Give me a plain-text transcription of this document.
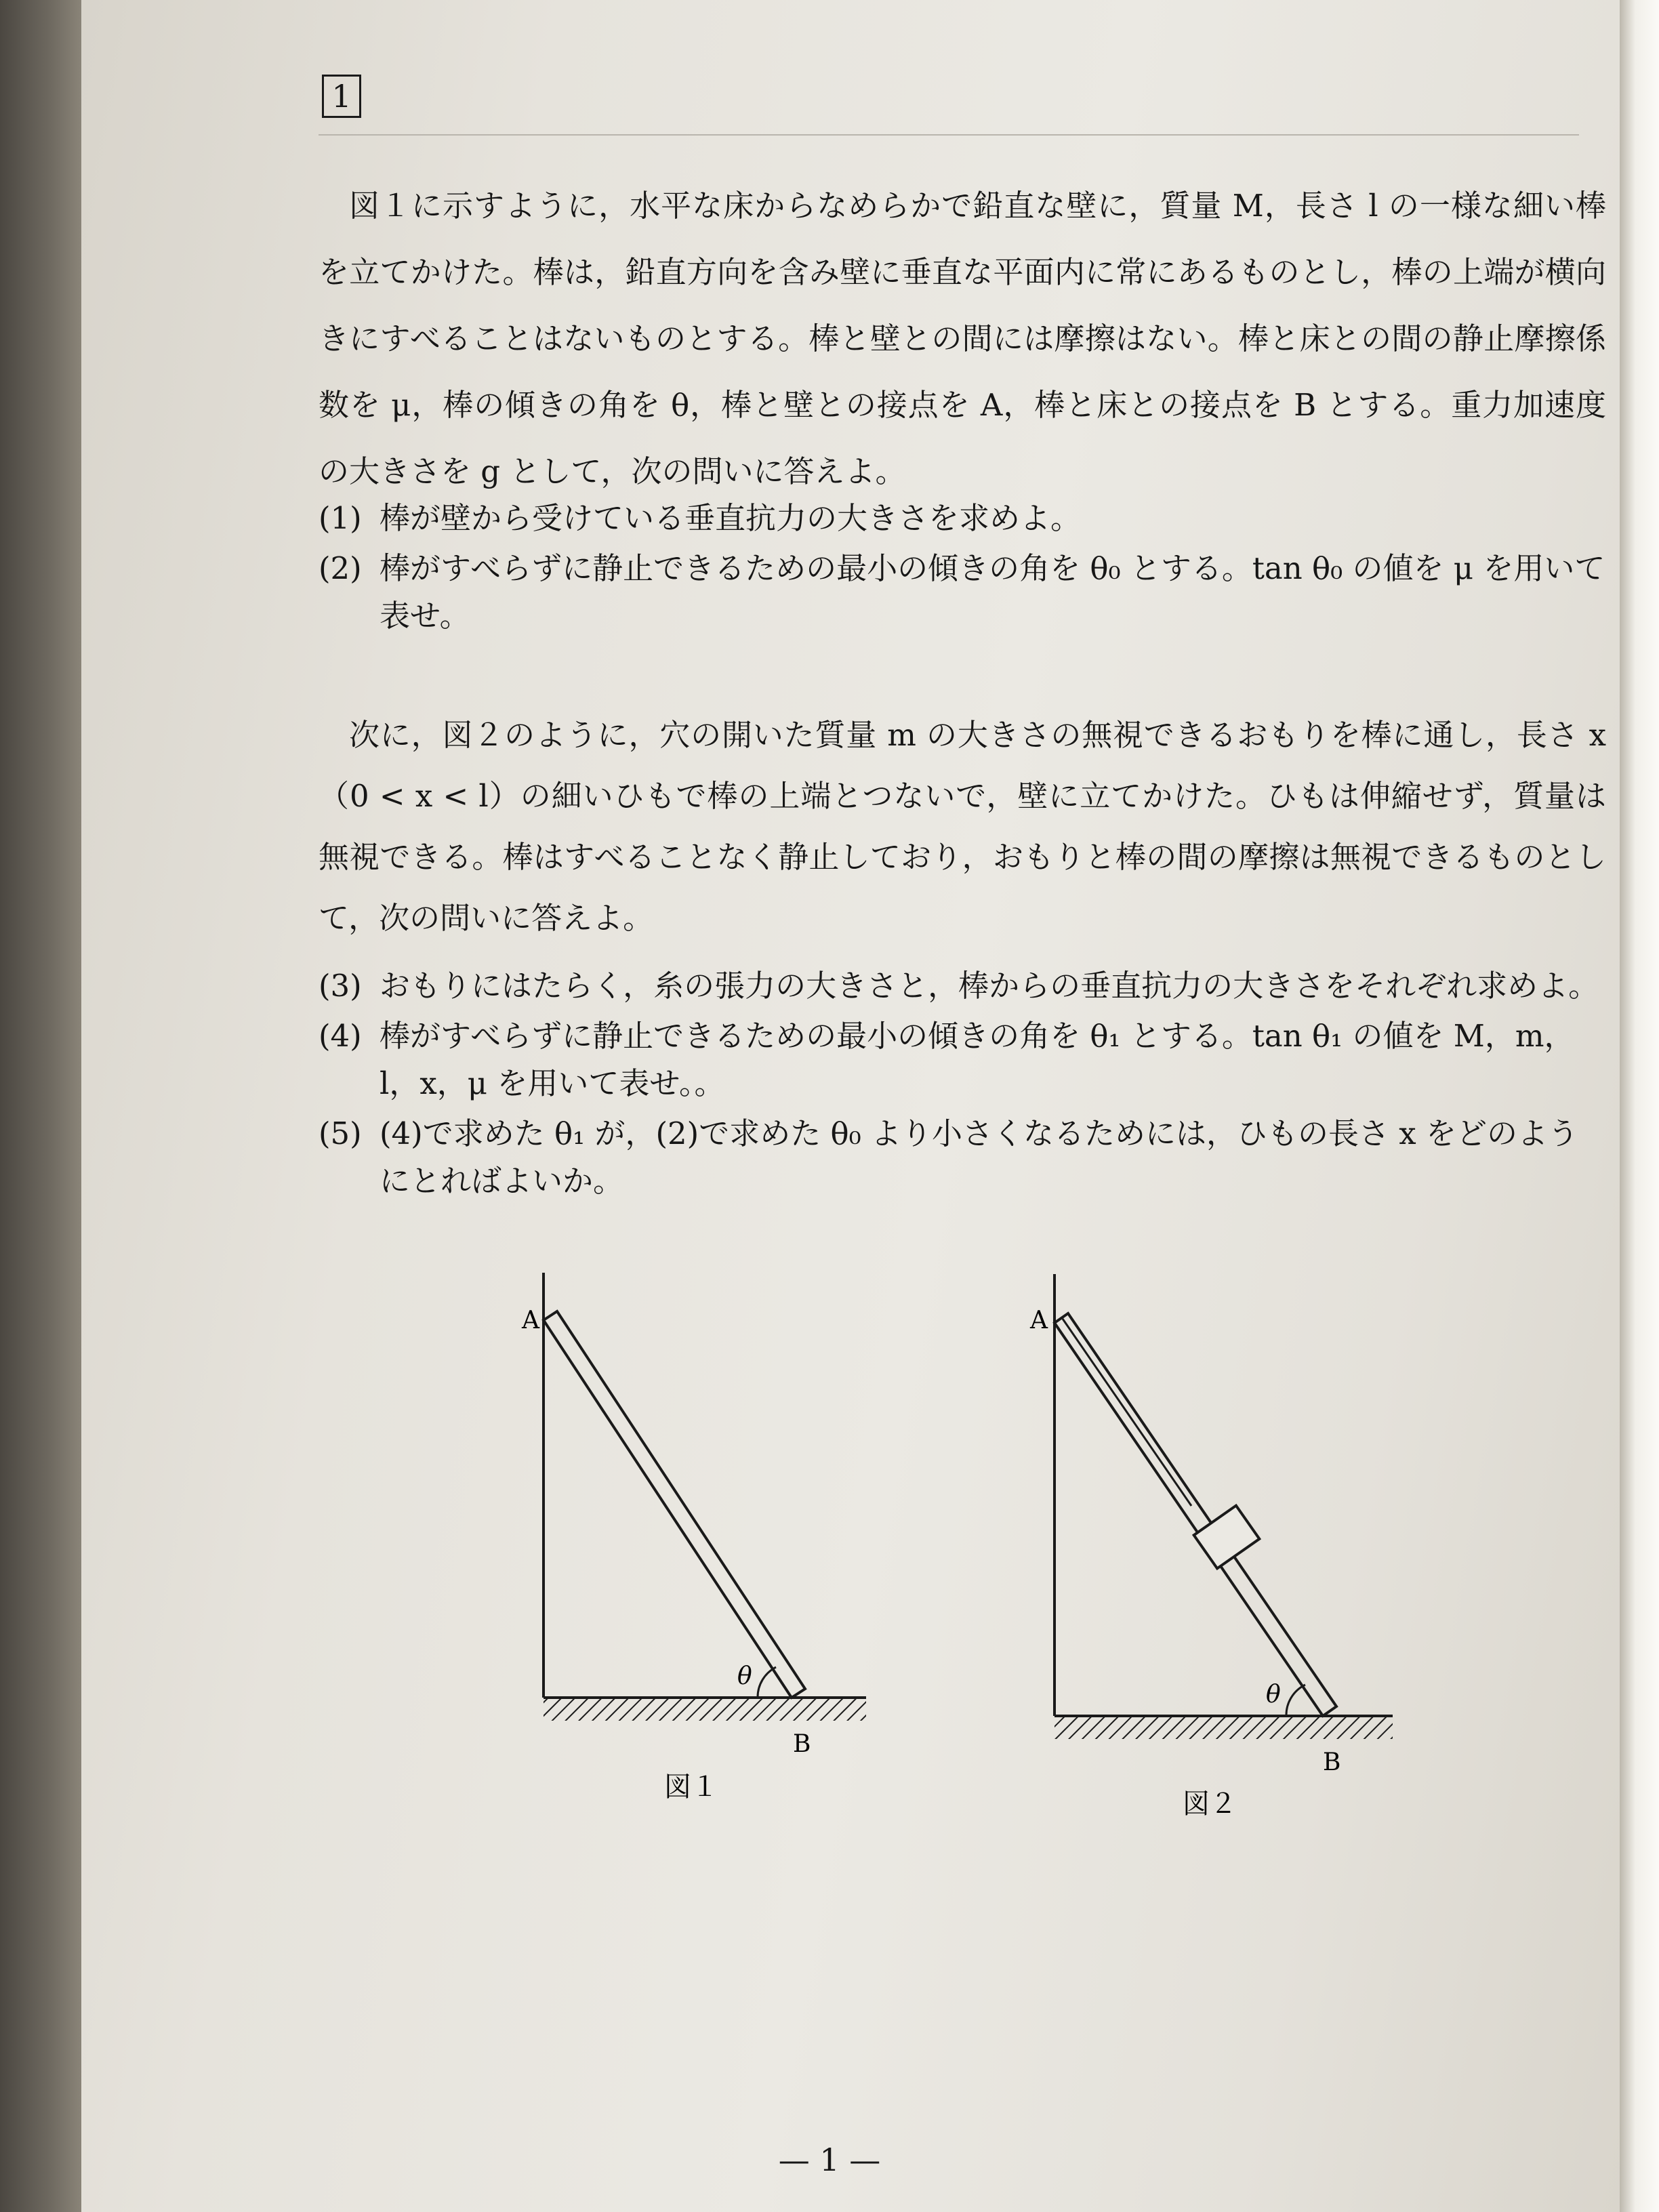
1

図１に示すように，水平な床からなめらかで鉛直な壁に，質量 M，長さ l の一様な細い棒を立てかけた。棒は，鉛直方向を含み壁に垂直な平面内に常にあるものとし，棒の上端が横向きにすべることはないものとする。棒と壁との間には摩擦はない。棒と床との間の静止摩擦係数を μ，棒の傾きの角を θ，棒と壁との接点を A，棒と床との接点を B とする。重力加速度の大きさを g として，次の問いに答えよ。

(1) 棒が壁から受けている垂直抗力の大きさを求めよ。
(2) 棒がすべらずに静止できるための最小の傾きの角を θ₀ とする。tan θ₀ の値を μ を用いて表せ。

次に，図２のように，穴の開いた質量 m の大きさの無視できるおもりを棒に通し，長さ x （0 < x < l）の細いひもで棒の上端とつないで，壁に立てかけた。ひもは伸縮せず，質量は無視できる。棒はすべることなく静止しており，おもりと棒の間の摩擦は無視できるものとして，次の問いに答えよ。

(3) おもりにはたらく，糸の張力の大きさと，棒からの垂直抗力の大きさをそれぞれ求めよ。
(4) 棒がすべらずに静止できるための最小の傾きの角を θ₁ とする。tan θ₁ の値を M，m，l，x，μ を用いて表せ。。
(5) (4)で求めた θ₁ が，(2)で求めた θ₀ より小さくなるためには，ひもの長さ x をどのようにとればよいか。
θ
A
B
図１
θ
A
B
図２
— 1 —
